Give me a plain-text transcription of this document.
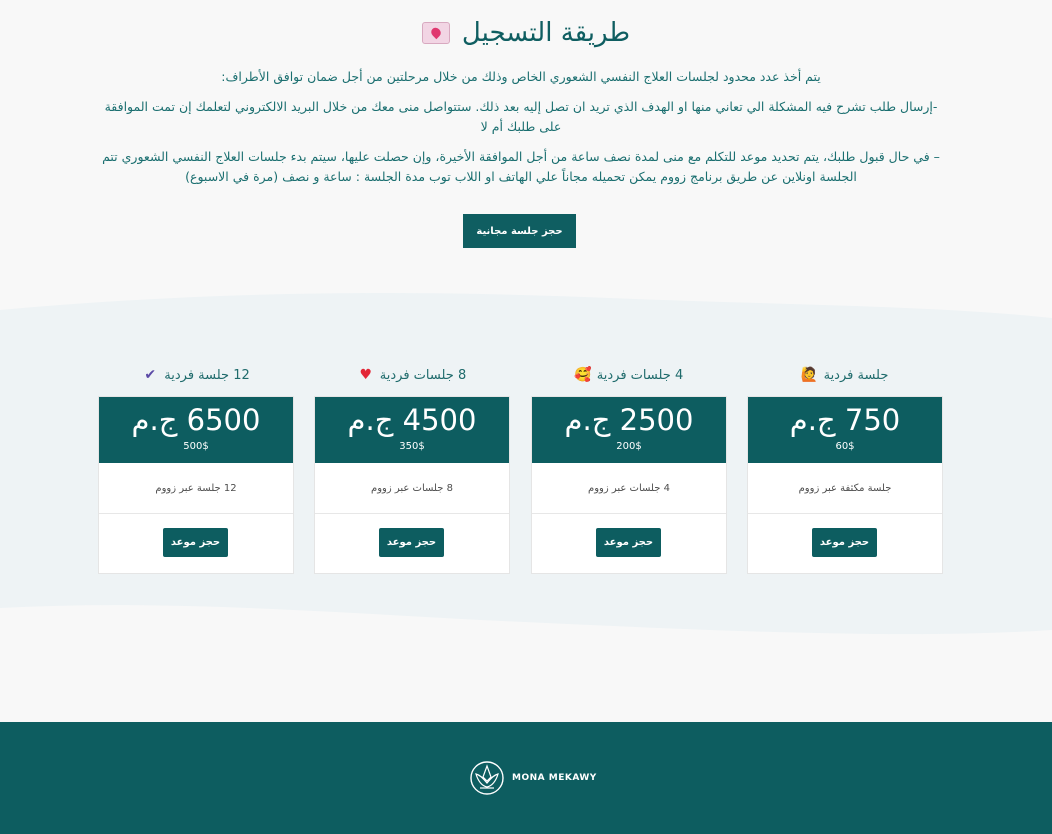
طريقة التسجيل
يتم أخذ عدد محدود لجلسات العلاج النفسي الشعوري الخاص وذلك من خلال مرحلتين من أجل ضمان توافق الأطراف:
-إرسال طلب تشرح فيه المشكلة الي تعاني منها او الهدف الذي تريد ان تصل إليه بعد ذلك. ستتواصل منى معك من خلال البريد الالكتروني لتعلمك إن تمت الموافقة على طلبك أم لا
– في حال قبول طلبك، يتم تحديد موعد للتكلم مع منى لمدة نصف ساعة من أجل الموافقة الأخيرة، وإن حصلت عليها، سيتم بدء جلسات العلاج النفسي الشعوري تتم الجلسة اونلاين عن طريق برنامج زووم يمكن تحميله مجاناً علي الهاتف او اللاب توب مدة الجلسة : ساعة و نصف (مرة في الاسبوع)
حجز جلسة مجانية
جلسة فردية
🙋
750 ج.م
60$
جلسة مكثفة عبر زووم
حجز موعد
4 جلسات فردية
🥰
2500 ج.م
200$
4 جلسات عبر زووم
حجز موعد
8 جلسات فردية
♥
4500 ج.م
350$
8 جلسات عبر زووم
حجز موعد
12 جلسة فردية
✔
6500 ج.م
500$
12 جلسة عبر زووم
حجز موعد
MONA MEKAWY
